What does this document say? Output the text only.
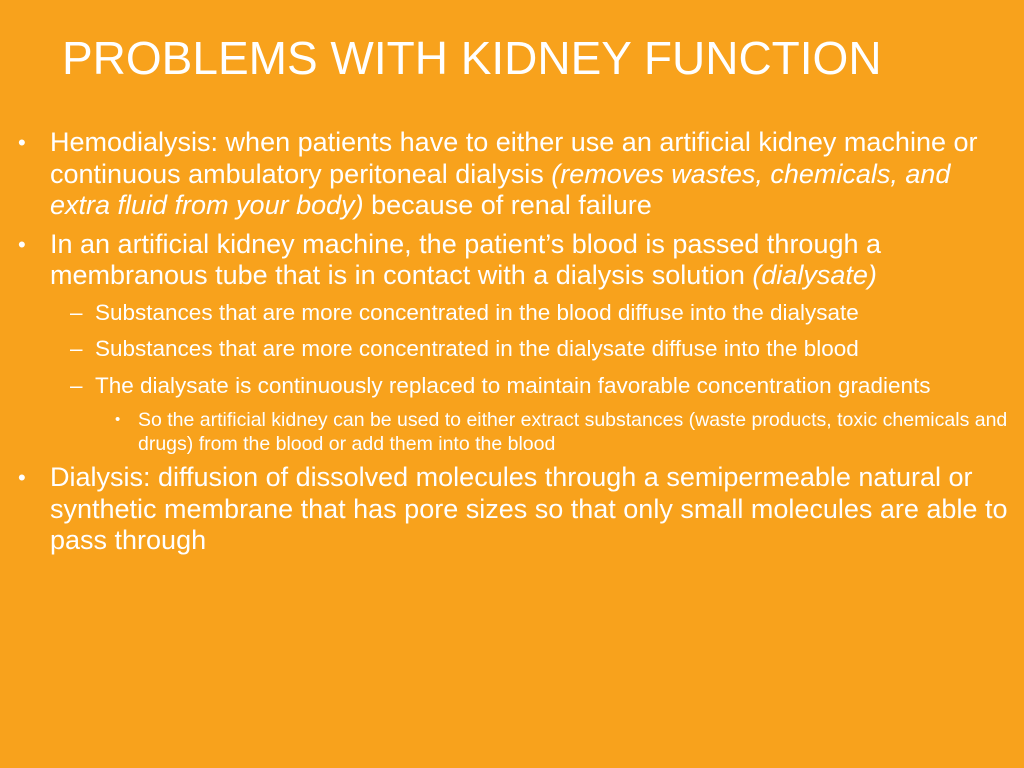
PROBLEMS WITH KIDNEY FUNCTION
• Hemodialysis: when patients have to either use an artificial kidney machine or continuous ambulatory peritoneal dialysis (removes wastes, chemicals, and extra fluid from your body) because of renal failure
• In an artificial kidney machine, the patient’s blood is passed through a membranous tube that is in contact with a dialysis solution (dialysate)
– Substances that are more concentrated in the blood diffuse into the dialysate
– Substances that are more concentrated in the dialysate diffuse into the blood
– The dialysate is continuously replaced to maintain favorable concentration gradients
• So the artificial kidney can be used to either extract substances (waste products, toxic chemicals and drugs) from the blood or add them into the blood
• Dialysis: diffusion of dissolved molecules through a semipermeable natural or synthetic membrane that has pore sizes so that only small molecules are able to pass through
